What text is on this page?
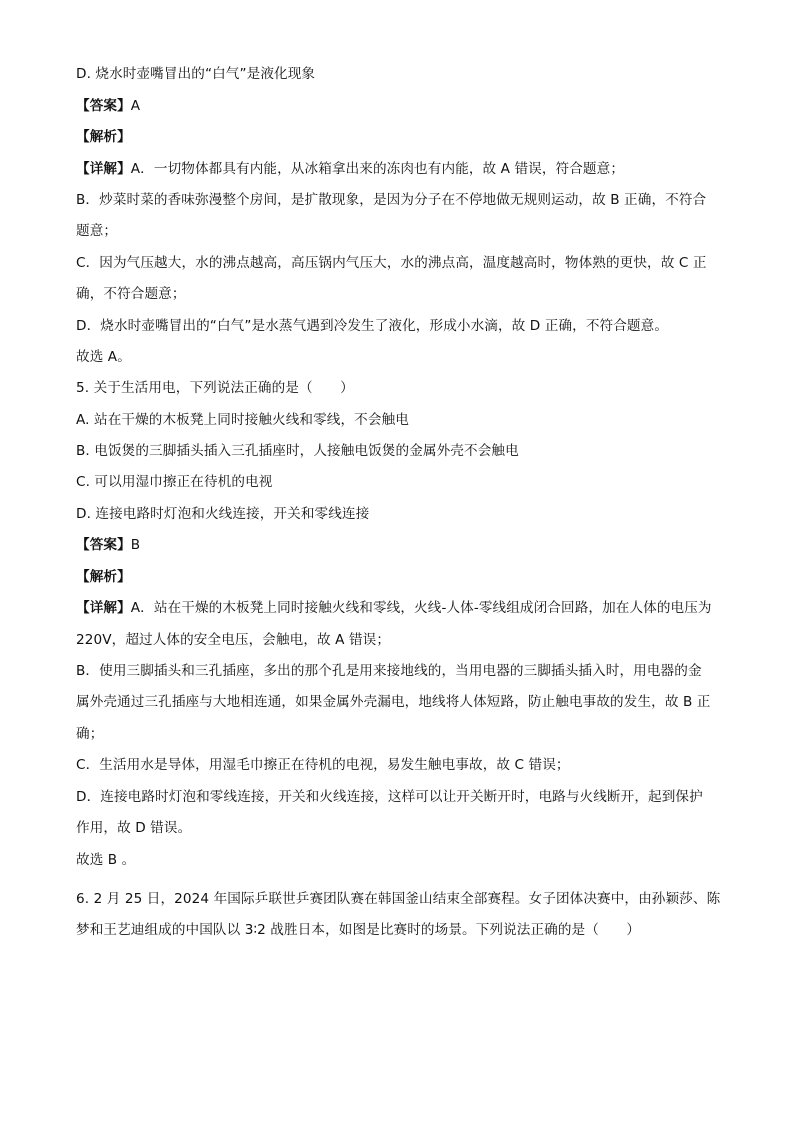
D. 烧水时壶嘴冒出的“白气”是液化现象
【答案】A
【解析】
【详解】A．一切物体都具有内能，从冰箱拿出来的冻肉也有内能，故 A 错误，符合题意；
B．炒菜时菜的香味弥漫整个房间，是扩散现象，是因为分子在不停地做无规则运动，故 B 正确，不符合
题意；
C．因为气压越大，水的沸点越高，高压锅内气压大，水的沸点高，温度越高时，物体熟的更快，故 C 正
确，不符合题意；
D．烧水时壶嘴冒出的“白气”是水蒸气遇到冷发生了液化，形成小水滴，故 D 正确，不符合题意。
故选 A。
5. 关于生活用电，下列说法正确的是（　　）
A. 站在干燥的木板凳上同时接触火线和零线，不会触电
B. 电饭煲的三脚插头插入三孔插座时，人接触电饭煲的金属外壳不会触电
C. 可以用湿巾擦正在待机的电视
D. 连接电路时灯泡和火线连接，开关和零线连接
【答案】B
【解析】
【详解】A．站在干燥的木板凳上同时接触火线和零线，火线-人体-零线组成闭合回路，加在人体的电压为
220V，超过人体的安全电压，会触电，故 A 错误；
B．使用三脚插头和三孔插座，多出的那个孔是用来接地线的，当用电器的三脚插头插入时，用电器的金
属外壳通过三孔插座与大地相连通，如果金属外壳漏电，地线将人体短路，防止触电事故的发生，故 B 正
确；
C．生活用水是导体，用湿毛巾擦正在待机的电视，易发生触电事故，故 C 错误；
D．连接电路时灯泡和零线连接，开关和火线连接，这样可以让开关断开时，电路与火线断开，起到保护
作用，故 D 错误。
故选 B 。
6. 2 月 25 日，2024 年国际乒联世乒赛团队赛在韩国釜山结束全部赛程。女子团体决赛中，由孙颖莎、陈
梦和王艺迪组成的中国队以 3∶2 战胜日本，如图是比赛时的场景。下列说法正确的是（　　）
